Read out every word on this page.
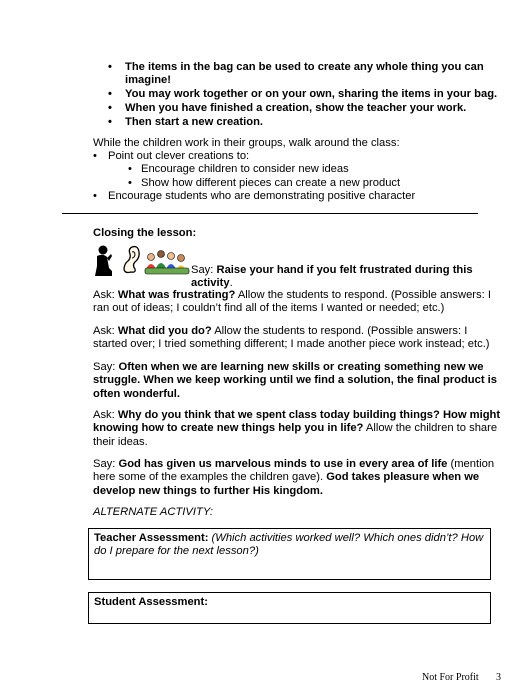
• The items in the bag can be used to create any whole thing you can imagine!
• You may work together or on your own, sharing the items in your bag.
• When you have finished a creation, show the teacher your work.
• Then start a new creation.
While the children work in their groups, walk around the class:
• Point out clever creations to:
• Encourage children to consider new ideas
• Show how different pieces can create a new product
• Encourage students who are demonstrating positive character
Closing the lesson:
Say: Raise your hand if you felt frustrated during this activity.
Ask: What was frustrating? Allow the students to respond. (Possible answers: I ran out of ideas; I couldn’t find all of the items I wanted or needed; etc.)
Ask: What did you do? Allow the students to respond. (Possible answers: I started over; I tried something different; I made another piece work instead; etc.)
Say: Often when we are learning new skills or creating something new we struggle. When we keep working until we find a solution, the final product is often wonderful.
Ask: Why do you think that we spent class today building things? How might knowing how to create new things help you in life? Allow the children to share their ideas.
Say: God has given us marvelous minds to use in every area of life (mention here some of the examples the children gave). God takes pleasure when we develop new things to further His kingdom.
ALTERNATE ACTIVITY:
Teacher Assessment: (Which activities worked well? Which ones didn’t? How do I prepare for the next lesson?)
Student Assessment:
Not For Profit 3
